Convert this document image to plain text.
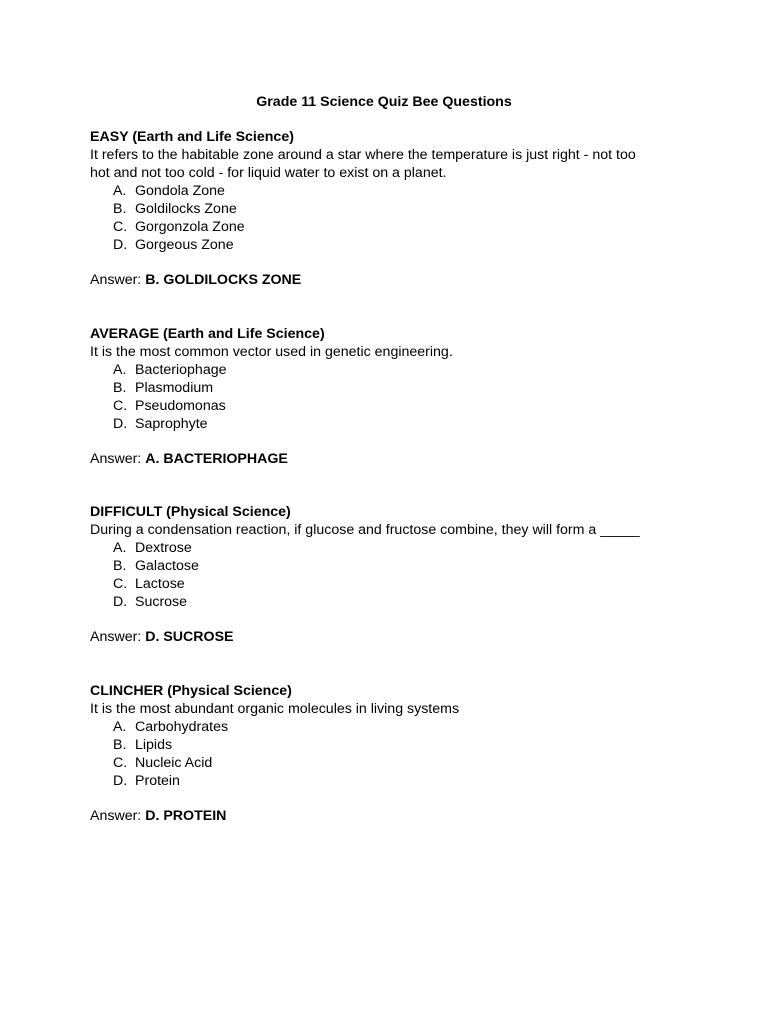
Grade 11 Science Quiz Bee Questions
EASY (Earth and Life Science)
It refers to the habitable zone around a star where the temperature is just right - not too
hot and not too cold - for liquid water to exist on a planet.
A. Gondola Zone
B. Goldilocks Zone
C. Gorgonzola Zone
D. Gorgeous Zone
Answer: B. GOLDILOCKS ZONE
AVERAGE (Earth and Life Science)
It is the most common vector used in genetic engineering.
A. Bacteriophage
B. Plasmodium
C. Pseudomonas
D. Saprophyte
Answer: A. BACTERIOPHAGE
DIFFICULT (Physical Science)
During a condensation reaction, if glucose and fructose combine, they will form a _____
A. Dextrose
B. Galactose
C. Lactose
D. Sucrose
Answer: D. SUCROSE
CLINCHER (Physical Science)
It is the most abundant organic molecules in living systems
A. Carbohydrates
B. Lipids
C. Nucleic Acid
D. Protein
Answer: D. PROTEIN
